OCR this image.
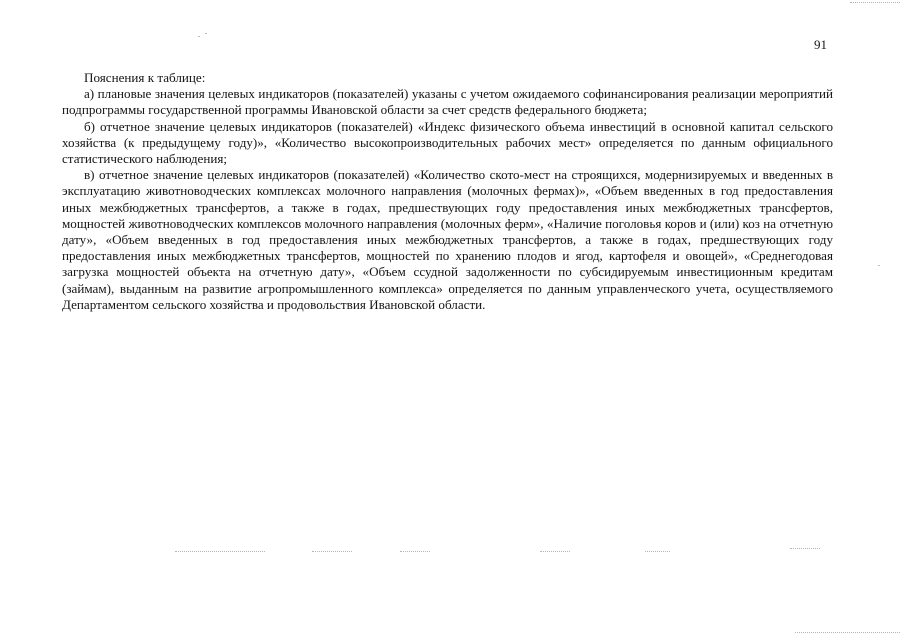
91

Пояснения к таблице:

а) плановые значения целевых индикаторов (показателей) указаны с учетом ожидаемого софинансирования реализации мероприятий подпрограммы государственной программы Ивановской области за счет средств федерального бюджета;

б) отчетное значение целевых индикаторов (показателей) «Индекс физического объема инвестиций в основной капитал сельского хозяйства (к предыдущему году)», «Количество высокопроизводительных рабочих мест» определяется по данным официального статистического наблюдения;

в) отчетное значение целевых индикаторов (показателей) «Количество ското-мест на строящихся, модернизируемых и введенных в эксплуатацию животноводческих комплексах молочного направления (молочных фермах)», «Объем введенных в год предоставления иных межбюджетных трансфертов, а также в годах, предшествующих году предоставления иных межбюджетных трансфертов, мощностей животноводческих комплексов молочного направления (молочных ферм», «Наличие поголовья коров и (или) коз на отчетную дату», «Объем введенных в год предоставления иных межбюджетных трансфертов, а также в годах, предшествующих году предоставления иных межбюджетных трансфертов, мощностей по хранению плодов и ягод, картофеля и овощей», «Среднегодовая загрузка мощностей объекта на отчетную дату», «Объем ссудной задолженности по субсидируемым инвестиционным кредитам (займам), выданным на развитие агропромышленного комплекса» определяется по данным управленческого учета, осуществляемого Департаментом сельского хозяйства и продовольствия Ивановской области.
